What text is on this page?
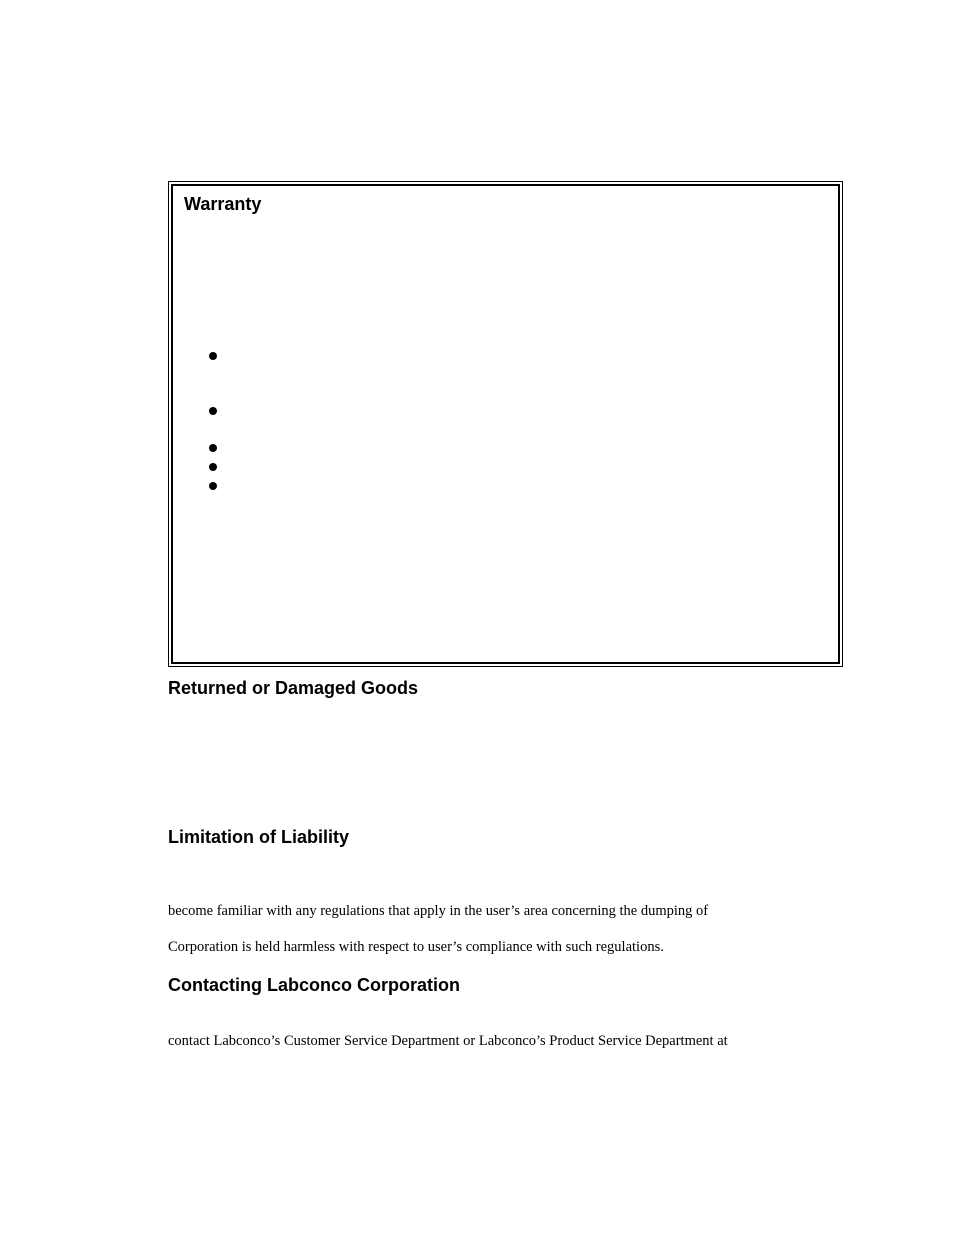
Warranty
Returned or Damaged Goods
Limitation of Liability

become familiar with any regulations that apply in the user’s area concerning the dumping of

Corporation is held harmless with respect to user’s compliance with such regulations.

Contacting Labconco Corporation

contact Labconco’s Customer Service Department or Labconco’s Product Service Department at
